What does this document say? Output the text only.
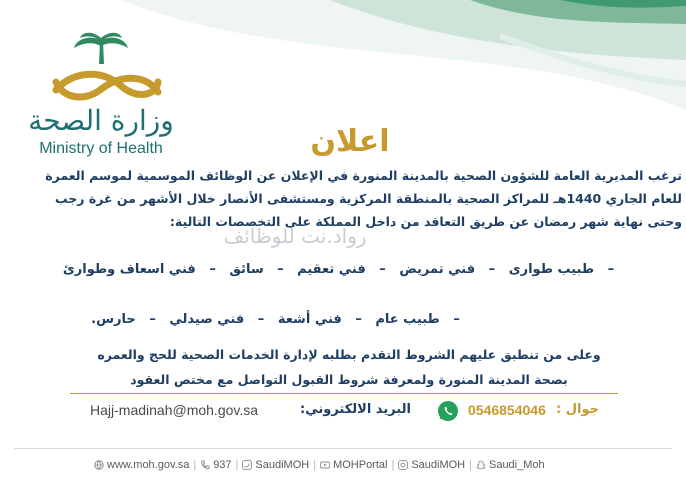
وزارة الصحة
Ministry of Health	اعلان
ترغب المديرية العامة للشؤون الصحية بالمدينة المنورة في الإعلان عن الوظائف الموسمية لموسم العمرة
للعام الجاري 1440هـ للمراكز الصحية بالمنطقة المركزية ومستشفى الأنصار خلال الأشهر من غرة رجب
وحتى نهاية شهر رمضان عن طريق التعاقد من داخل المملكة على التخصصات التالية:
رواد.نت للوظائف
– طبيب طوارى – فني تمريض – فني تعقيم – سائق – فني اسعاف وطوارئ
– طبيب عام – فني أشعة – فني صيدلي – حارس.
وعلى من تنطبق عليهم الشروط التقدم بطلبه لإدارة الخدمات الصحية للحج والعمره
بصحة المدينة المنورة ولمعرفة شروط القبول التواصل مع مختص العقود
Hajj-madinah@moh.gov.sa	البريد الالكتروني:	0546854046 جوال :
www.moh.gov.sa |	937 |	SaudiMOH |	MOHPortal |	SaudiMOH |	Saudi_Moh
